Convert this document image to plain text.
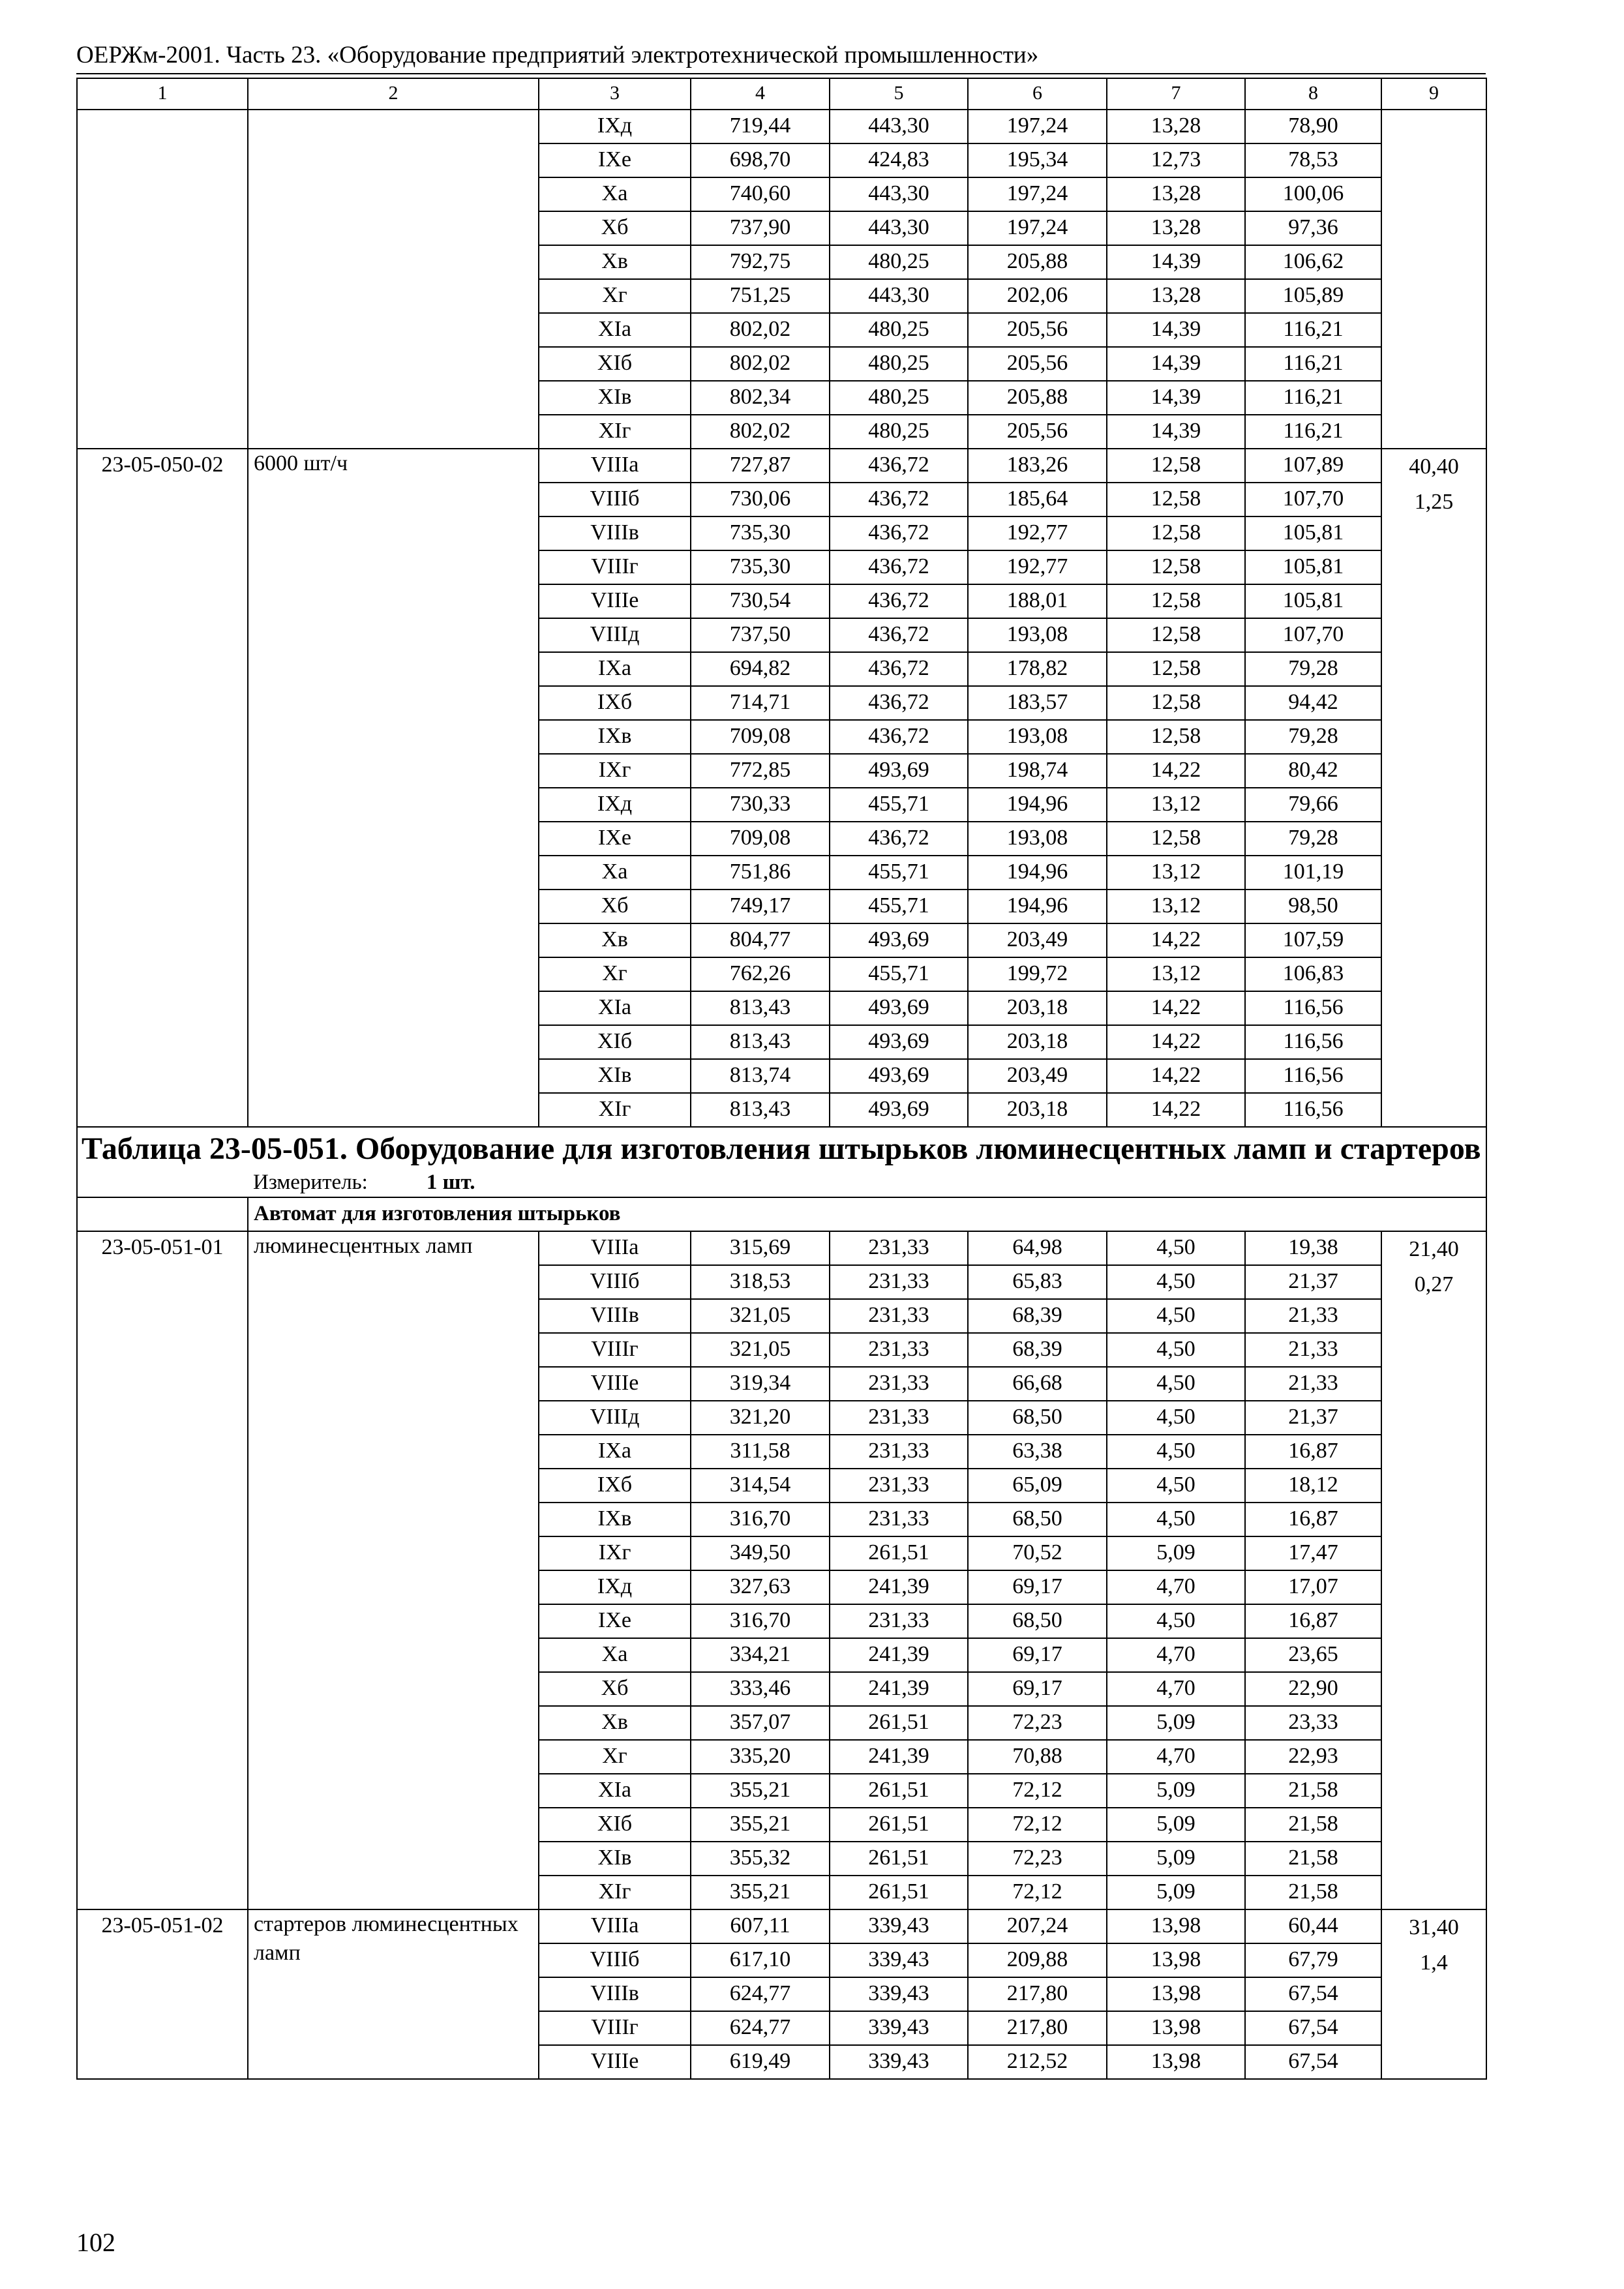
ОЕРЖм-2001. Часть 23. «Оборудование предприятий электротехнической промышленности»
1	2	3	4	5	6	7	8	9
		IXд	719,44	443,30	197,24	13,28	78,90	
		IXе	698,70	424,83	195,34	12,73	78,53	
		Xа	740,60	443,30	197,24	13,28	100,06	
		Xб	737,90	443,30	197,24	13,28	97,36	
		Xв	792,75	480,25	205,88	14,39	106,62	
		Xг	751,25	443,30	202,06	13,28	105,89	
		XIа	802,02	480,25	205,56	14,39	116,21	
		XIб	802,02	480,25	205,56	14,39	116,21	
		XIв	802,34	480,25	205,88	14,39	116,21	
		XIг	802,02	480,25	205,56	14,39	116,21	
23-05-050-02	6000 шт/ч	VIIIа	727,87	436,72	183,26	12,58	107,89	40,40
1,25

		VIIIб	730,06	436,72	185,64	12,58	107,70	
		VIIIв	735,30	436,72	192,77	12,58	105,81	
		VIIIг	735,30	436,72	192,77	12,58	105,81	
		VIIIе	730,54	436,72	188,01	12,58	105,81	
		VIIIд	737,50	436,72	193,08	12,58	107,70	
		IXа	694,82	436,72	178,82	12,58	79,28	
		IXб	714,71	436,72	183,57	12,58	94,42	
		IXв	709,08	436,72	193,08	12,58	79,28	
		IXг	772,85	493,69	198,74	14,22	80,42	
		IXд	730,33	455,71	194,96	13,12	79,66	
		IXе	709,08	436,72	193,08	12,58	79,28	
		Xа	751,86	455,71	194,96	13,12	101,19	
		Xб	749,17	455,71	194,96	13,12	98,50	
		Xв	804,77	493,69	203,49	14,22	107,59	
		Xг	762,26	455,71	199,72	13,12	106,83	
		XIа	813,43	493,69	203,18	14,22	116,56	
		XIб	813,43	493,69	203,18	14,22	116,56	
		XIв	813,74	493,69	203,49	14,22	116,56	
		XIг	813,43	493,69	203,18	14,22	116,56	

Таблица 23-05-051. Оборудование для изготовления штырьков люминесцентных ламп и стартеров
Измеритель: 1 шт.								

	Автомат для изготовления штырьков							
23-05-051-01	люминесцентных ламп	VIIIа	315,69	231,33	64,98	4,50	19,38	21,40
0,27

		VIIIб	318,53	231,33	65,83	4,50	21,37	
		VIIIв	321,05	231,33	68,39	4,50	21,33	
		VIIIг	321,05	231,33	68,39	4,50	21,33	
		VIIIе	319,34	231,33	66,68	4,50	21,33	
		VIIIд	321,20	231,33	68,50	4,50	21,37	
		IXа	311,58	231,33	63,38	4,50	16,87	
		IXб	314,54	231,33	65,09	4,50	18,12	
		IXв	316,70	231,33	68,50	4,50	16,87	
		IXг	349,50	261,51	70,52	5,09	17,47	
		IXд	327,63	241,39	69,17	4,70	17,07	
		IXе	316,70	231,33	68,50	4,50	16,87	
		Xа	334,21	241,39	69,17	4,70	23,65	
		Xб	333,46	241,39	69,17	4,70	22,90	
		Xв	357,07	261,51	72,23	5,09	23,33	
		Xг	335,20	241,39	70,88	4,70	22,93	
		XIа	355,21	261,51	72,12	5,09	21,58	
		XIб	355,21	261,51	72,12	5,09	21,58	
		XIв	355,32	261,51	72,23	5,09	21,58	
		XIг	355,21	261,51	72,12	5,09	21,58	
23-05-051-02	стартеров люминесцентных ламп	VIIIа	607,11	339,43	207,24	13,98	60,44	31,40
1,4

		VIIIб	617,10	339,43	209,88	13,98	67,79	
		VIIIв	624,77	339,43	217,80	13,98	67,54	
		VIIIг	624,77	339,43	217,80	13,98	67,54	
		VIIIе	619,49	339,43	212,52	13,98	67,54	
102
